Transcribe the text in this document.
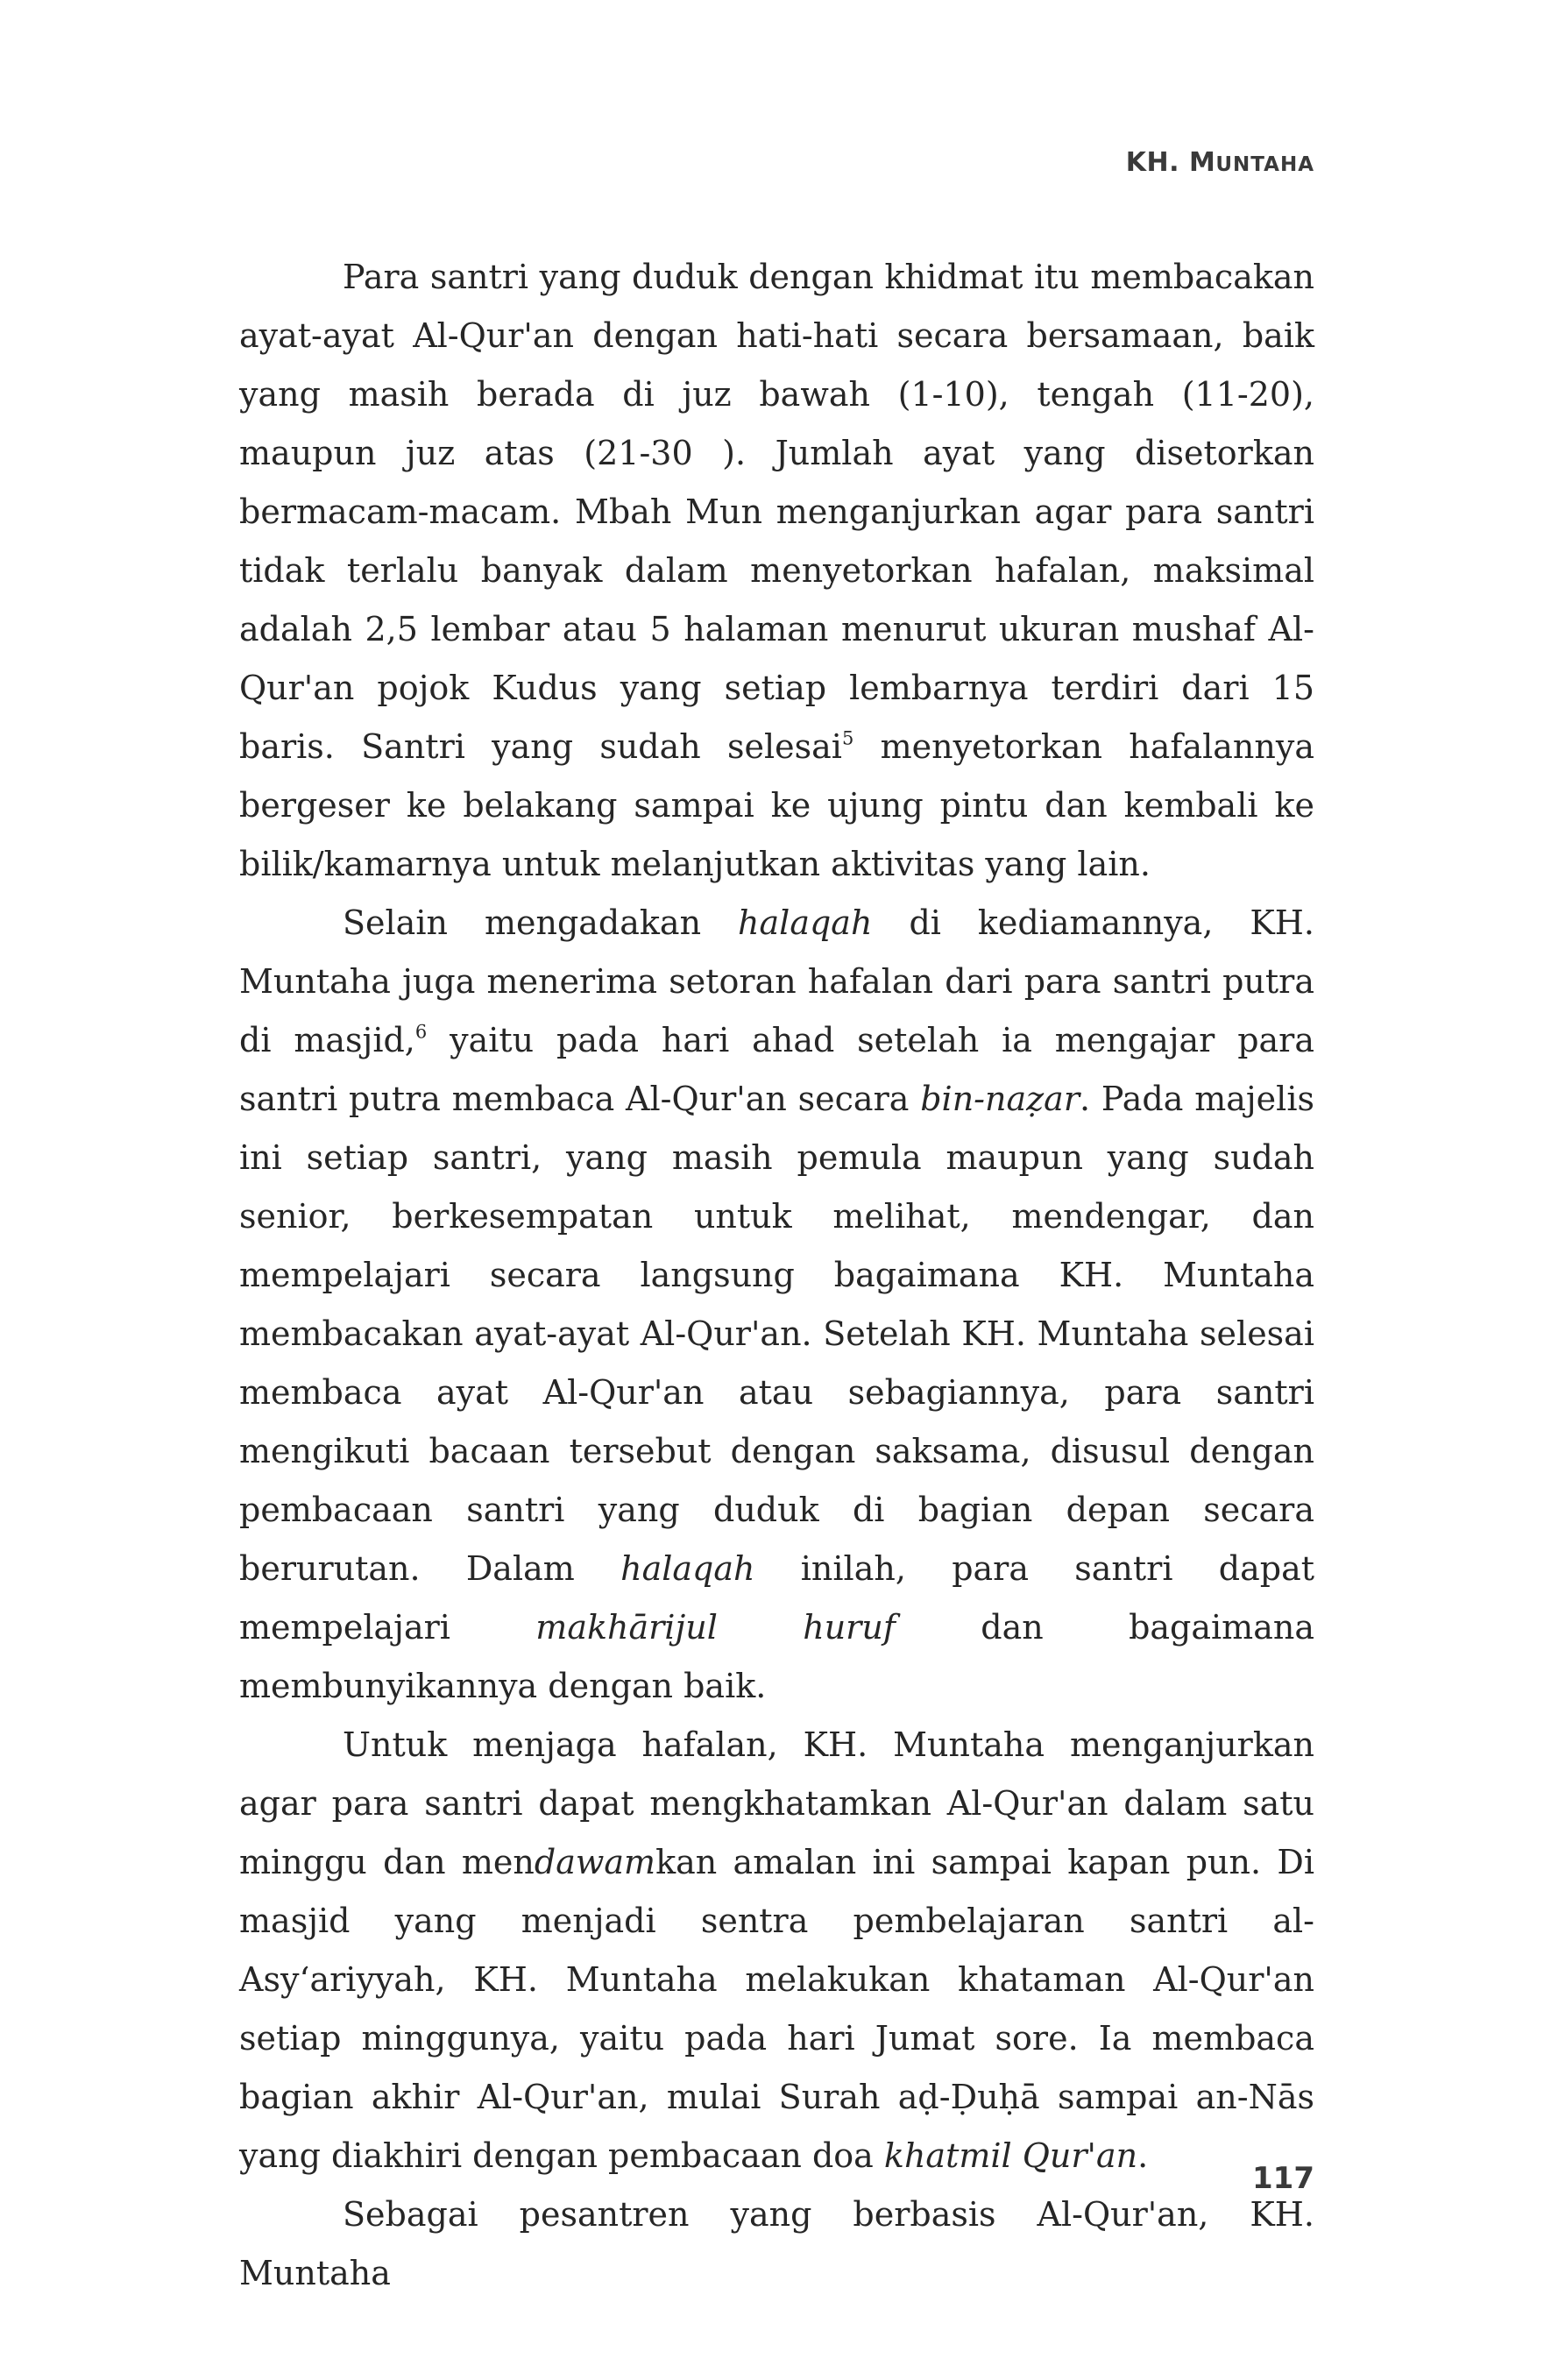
KH. MUNTAHA

Para santri yang duduk dengan khidmat itu membacakan ayat-ayat Al-Qur'an dengan hati-hati secara bersamaan, baik yang masih berada di juz bawah (1-10), tengah (11-20), maupun juz atas (21-30 ). Jumlah ayat yang disetorkan bermacam-macam. Mbah Mun menganjurkan agar para santri tidak terlalu banyak dalam menyetorkan hafalan, maksimal adalah 2,5 lembar atau 5 halaman menurut ukuran mushaf Al-Qur'an pojok Kudus yang setiap lembarnya terdiri dari 15 baris. Santri yang sudah selesai$^5$ menyetorkan hafalannya bergeser ke belakang sampai ke ujung pintu dan kembali ke bilik/kamarnya untuk melanjutkan aktivitas yang lain.

Selain mengadakan halaqah di kediamannya, KH. Muntaha juga menerima setoran hafalan dari para santri putra di masjid,$^6$ yaitu pada hari ahad setelah ia mengajar para santri putra membaca Al-Qur'an secara bin-naẓar. Pada majelis ini setiap santri, yang masih pemula maupun yang sudah senior, berkesempatan untuk melihat, mendengar, dan mempelajari secara langsung bagaimana KH. Muntaha membacakan ayat-ayat Al-Qur'an. Setelah KH. Muntaha selesai membaca ayat Al-Qur'an atau sebagiannya, para santri mengikuti bacaan tersebut dengan saksama, disusul dengan pembacaan santri yang duduk di bagian depan secara berurutan. Dalam halaqah inilah, para santri dapat mempelajari makhārijul huruf dan bagaimana membunyikannya dengan baik.

Untuk menjaga hafalan, KH. Muntaha menganjurkan agar para santri dapat mengkhatamkan Al-Qur'an dalam satu minggu dan mendawamkan amalan ini sampai kapan pun. Di masjid yang menjadi sentra pembelajaran santri al-Asy‘ariyyah, KH. Muntaha melakukan khataman Al-Qur'an setiap minggunya, yaitu pada hari Jumat sore. Ia membaca bagian akhir Al-Qur'an, mulai Surah aḍ-Ḍuḥā sampai an-Nās yang diakhiri dengan pembacaan doa khatmil Qur'an.

Sebagai pesantren yang berbasis Al-Qur'an, KH. Muntaha

117
